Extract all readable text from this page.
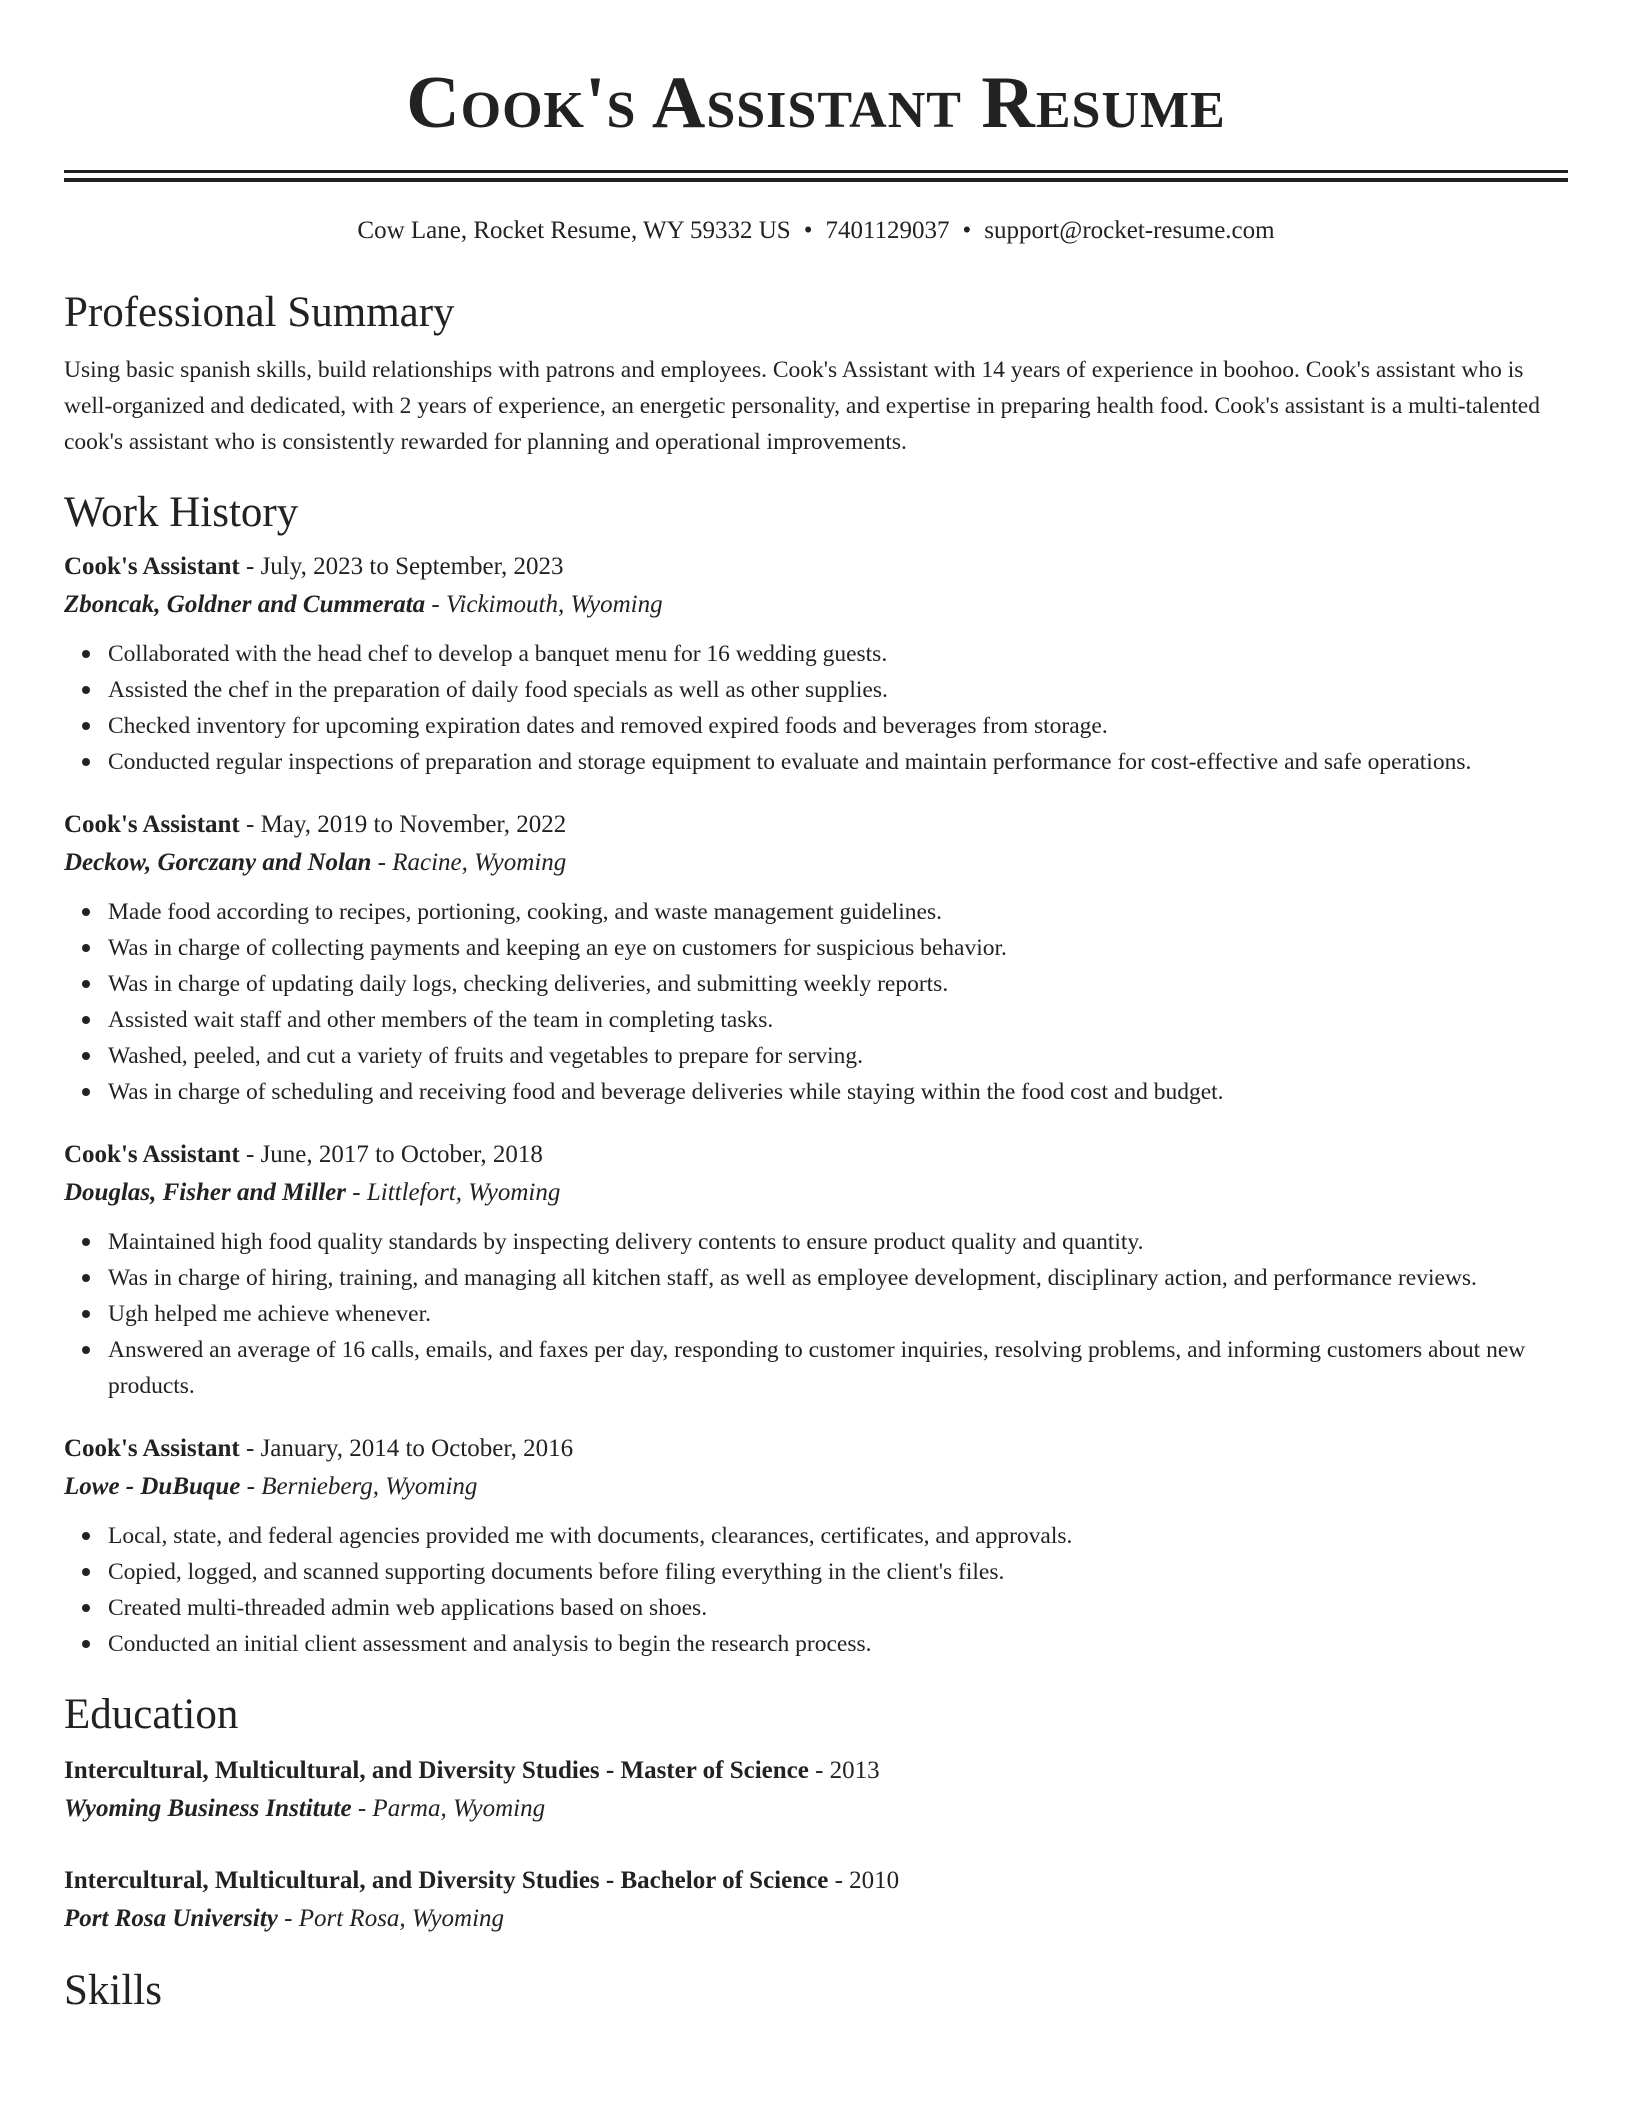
Cook's Assistant Resume
Cow Lane, Rocket Resume, WY 59332 US • 7401129037 • support@rocket-resume.com
Professional Summary

Using basic spanish skills, build relationships with patrons and employees. Cook's Assistant with 14 years of experience in boohoo. Cook's assistant who is well-organized and dedicated, with 2 years of experience, an energetic personality, and expertise in preparing health food. Cook's assistant is a multi-talented cook's assistant who is consistently rewarded for planning and operational improvements.

Work History
Cook's Assistant - July, 2023 to September, 2023
Zboncak, Goldner and Cummerata - Vickimouth, Wyoming
Collaborated with the head chef to develop a banquet menu for 16 wedding guests.
Assisted the chef in the preparation of daily food specials as well as other supplies.
Checked inventory for upcoming expiration dates and removed expired foods and beverages from storage.
Conducted regular inspections of preparation and storage equipment to evaluate and maintain performance for cost-effective and safe operations.
Cook's Assistant - May, 2019 to November, 2022
Deckow, Gorczany and Nolan - Racine, Wyoming
Made food according to recipes, portioning, cooking, and waste management guidelines.
Was in charge of collecting payments and keeping an eye on customers for suspicious behavior.
Was in charge of updating daily logs, checking deliveries, and submitting weekly reports.
Assisted wait staff and other members of the team in completing tasks.
Washed, peeled, and cut a variety of fruits and vegetables to prepare for serving.
Was in charge of scheduling and receiving food and beverage deliveries while staying within the food cost and budget.
Cook's Assistant - June, 2017 to October, 2018
Douglas, Fisher and Miller - Littlefort, Wyoming
Maintained high food quality standards by inspecting delivery contents to ensure product quality and quantity.
Was in charge of hiring, training, and managing all kitchen staff, as well as employee development, disciplinary action, and performance reviews.
Ugh helped me achieve whenever.
Answered an average of 16 calls, emails, and faxes per day, responding to customer inquiries, resolving problems, and informing customers about new products.
Cook's Assistant - January, 2014 to October, 2016
Lowe - DuBuque - Bernieberg, Wyoming
Local, state, and federal agencies provided me with documents, clearances, certificates, and approvals.
Copied, logged, and scanned supporting documents before filing everything in the client's files.
Created multi-threaded admin web applications based on shoes.
Conducted an initial client assessment and analysis to begin the research process.
Education
Intercultural, Multicultural, and Diversity Studies - Master of Science - 2013
Wyoming Business Institute - Parma, Wyoming
Intercultural, Multicultural, and Diversity Studies - Bachelor of Science - 2010
Port Rosa University - Port Rosa, Wyoming
Skills
